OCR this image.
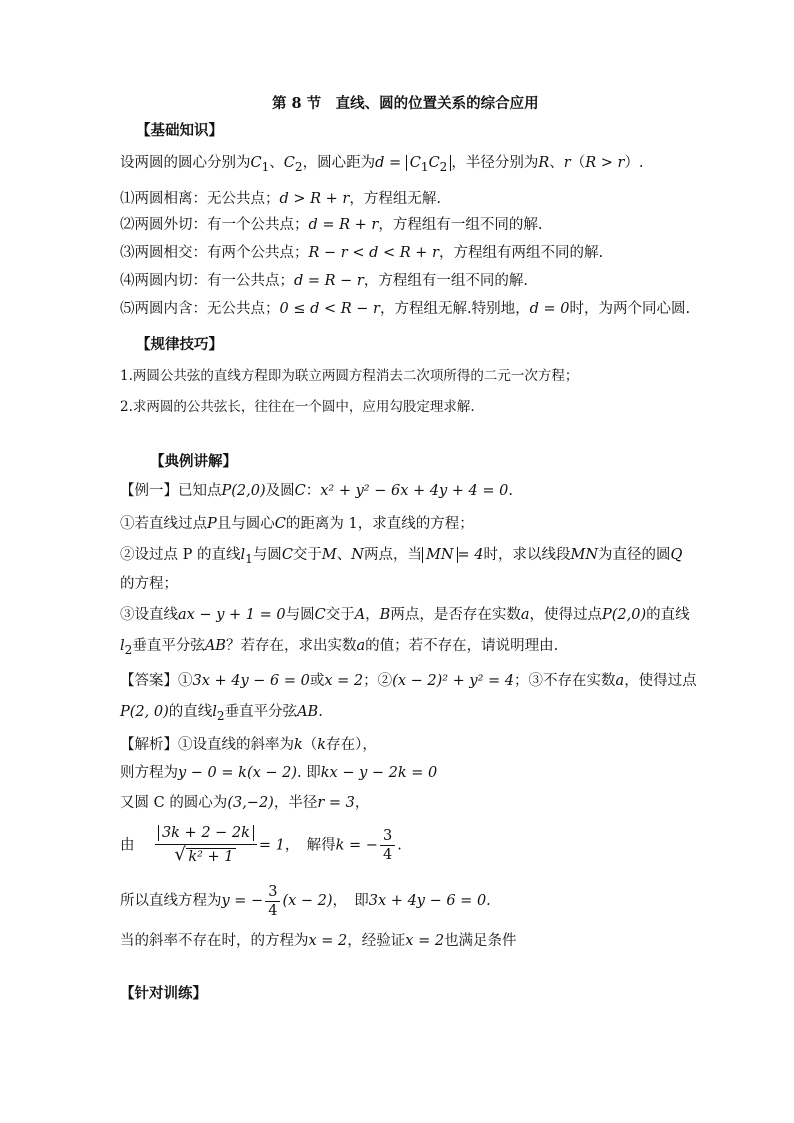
第 8 节　直线、圆的位置关系的综合应用
【基础知识】
设两圆的圆心分别为$C_1$、$C_2$，圆心距为$d = C_1C_2$ ，半径分别为R、r（R > r）.
⑴两圆相离：无公共点；d > R + r，方程组无解.
⑵两圆外切：有一个公共点；d = R + r，方程组有一组不同的解.
⑶两圆相交：有两个公共点；R − r < d < R + r，方程组有两组不同的解.
⑷两圆内切：有一公共点；d = R − r，方程组有一组不同的解.
⑸两圆内含：无公共点；0 ≤ d < R − r，方程组无解.特别地，d = 0时，为两个同心圆.
【规律技巧】
1.两圆公共弦的直线方程即为联立两圆方程消去二次项所得的二元一次方程；
2.求两圆的公共弦长，往往在一个圆中，应用勾股定理求解.
【典例讲解】
【例一】已知点P(2,0)及圆C：x² + y² − 6x + 4y + 4 = 0.
①若直线过点P且与圆心C的距离为 1，求直线的方程；
②设过点 P 的直线$l_1$与圆C交于M、N两点，当 MN = 4时，求以线段MN为直径的圆Q
的方程；
③设直线ax − y + 1 = 0与圆C交于A，B两点，是否存在实数a，使得过点P(2,0)的直线
$l_2$垂直平分弦AB？若存在，求出实数a的值；若不存在，请说明理由.
【答案】①3x + 4y − 6 = 0或x = 2；②(x − 2)² + y² = 4；③不存在实数a，使得过点
P(2, 0)的直线$l_2$垂直平分弦AB.
【解析】①设直线的斜率为k（k存在），
则方程为y − 0 = k(x − 2). 即kx − y − 2k = 0
又圆 C 的圆心为(3,−2)，半径r = 3，
由 3k + 2 − 2k
√ k² + 1 = 1，　解得k = − $\frac{3}{4}$ .
所以直线方程为y = − $\frac{3}{4} (x - 2)$，　即3x + 4y − 6 = 0.
当的斜率不存在时，的方程为x = 2，经验证x = 2也满足条件
【针对训练】
